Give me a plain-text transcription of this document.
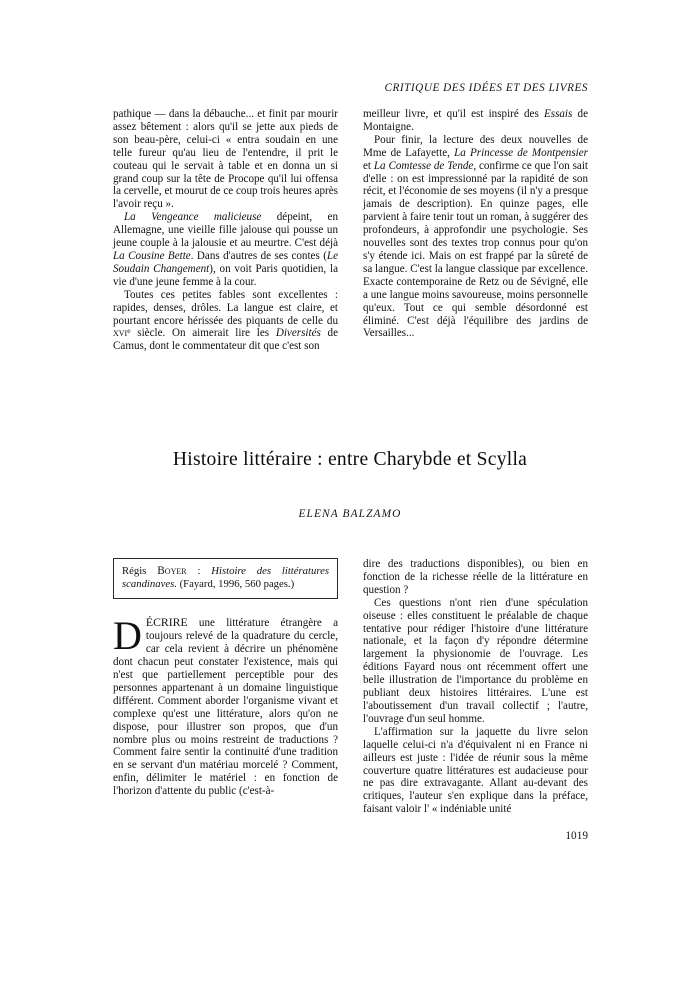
CRITIQUE DES IDÉES ET DES LIVRES

pathique — dans la débauche... et finit par mourir assez bêtement : alors qu'il se jette aux pieds de son beau-père, celui-ci « entra soudain en une telle fureur qu'au lieu de l'entendre, il prit le couteau qui le servait à table et en donna un si grand coup sur la tête de Procope qu'il lui offensa la cervelle, et mourut de ce coup trois heures après l'avoir reçu ».

La Vengeance malicieuse dépeint, en Allemagne, une vieille fille jalouse qui pousse un jeune couple à la jalousie et au meurtre. C'est déjà La Cousine Bette. Dans d'autres de ses contes (Le Soudain Changement), on voit Paris quotidien, la vie d'une jeune femme à la cour.

Toutes ces petites fables sont excellentes : rapides, denses, drôles. La langue est claire, et pourtant encore hérissée des piquants de celle du xvi$^e$ siècle. On aimerait lire les Diversités de Camus, dont le commentateur dit que c'est son

meilleur livre, et qu'il est inspiré des Essais de Montaigne.

Pour finir, la lecture des deux nouvelles de Mme de Lafayette, La Princesse de Montpensier et La Comtesse de Tende, confirme ce que l'on sait d'elle : on est impressionné par la rapidité de son récit, et l'économie de ses moyens (il n'y a presque jamais de description). En quinze pages, elle parvient à faire tenir tout un roman, à suggérer des profondeurs, à approfondir une psychologie. Ses nouvelles sont des textes trop connus pour qu'on s'y étende ici. Mais on est frappé par la sûreté de sa langue. C'est la langue classique par excellence. Exacte contemporaine de Retz ou de Sévigné, elle a une langue moins savoureuse, moins personnelle qu'eux. Tout ce qui semble désordonné est éliminé. C'est déjà l'équilibre des jardins de Versailles...

Histoire littéraire : entre Charybde et Scylla
ELENA BALZAMO

Régis Boyer : Histoire des littératures scandinaves. (Fayard, 1996, 560 pages.)

DÉCRIRE une littérature étrangère a toujours relevé de la quadrature du cercle, car cela revient à décrire un phénomène dont chacun peut constater l'existence, mais qui n'est que partiellement perceptible pour des personnes appartenant à un domaine linguistique différent. Comment aborder l'organisme vivant et complexe qu'est une littérature, alors qu'on ne dispose, pour illustrer son propos, que d'un nombre plus ou moins restreint de traductions ? Comment faire sentir la continuité d'une tradition en se servant d'un matériau morcelé ? Comment, enfin, délimiter le matériel : en fonction de l'horizon d'attente du public (c'est-à-

dire des traductions disponibles), ou bien en fonction de la richesse réelle de la littérature en question ?

Ces questions n'ont rien d'une spéculation oiseuse : elles constituent le préalable de chaque tentative pour rédiger l'histoire d'une littérature nationale, et la façon d'y répondre détermine largement la physionomie de l'ouvrage. Les éditions Fayard nous ont récemment offert une belle illustration de l'importance du problème en publiant deux histoires littéraires. L'une est l'aboutissement d'un travail collectif ; l'autre, l'ouvrage d'un seul homme.

L'affirmation sur la jaquette du livre selon laquelle celui-ci n'a d'équivalent ni en France ni ailleurs est juste : l'idée de réunir sous la même couverture quatre littératures est audacieuse pour ne pas dire extravagante. Allant au-devant des critiques, l'auteur s'en explique dans la préface, faisant valoir l' « indéniable unité

1019
